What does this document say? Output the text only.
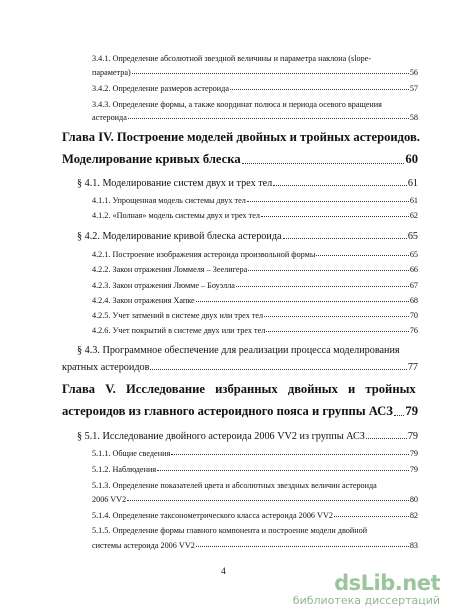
3.4.1. Определение абсолютной звездной величины и параметра наклона (slope-
параметра)	56
3.4.2. Определение размеров астероида	57
3.4.3. Определение формы, а также координат полюса и периода осевого вращения
астероида	58
Глава IV. Построение моделей двойных и тройных астероидов.
Моделирование кривых блеска	60
§ 4.1. Моделирование систем двух и трех тел	61
4.1.1. Упрощенная модель системы двух тел	61
4.1.2. «Полная» модель системы двух и трех тел	62
§ 4.2. Моделирование кривой блеска астероида	65
4.2.1. Построение изображения астероида произвольной формы	65
4.2.2. Закон отражения Ломмеля – Зеелигера	66
4.2.3. Закон отражения Люмме – Боуэлла	67
4.2.4. Закон отражения Хапке	68
4.2.5. Учет затмений в системе двух или трех тел	70
4.2.6. Учет покрытий в системе двух или трех тел	76
§ 4.3. Программное обеспечение для реализации процесса моделирования
кратных астероидов	77
Глава V. Исследование избранных двойных и тройных
астероидов из главного астероидного пояса и группы АСЗ 79
§ 5.1. Исследование двойного астероида 2006 VV2 из группы АСЗ	79
5.1.1. Общие сведения	79
5.1.2. Наблюдения	79
5.1.3. Определение показателей цвета и абсолютных звездных величин астероида
2006 VV2	80
5.1.4. Определение таксонометрического класса астероида 2006 VV2	82
5.1.5. Определение формы главного компонента и построение модели двойной
системы астероида 2006 VV2	83
4	dsLib.net
библиотека диссертаций
